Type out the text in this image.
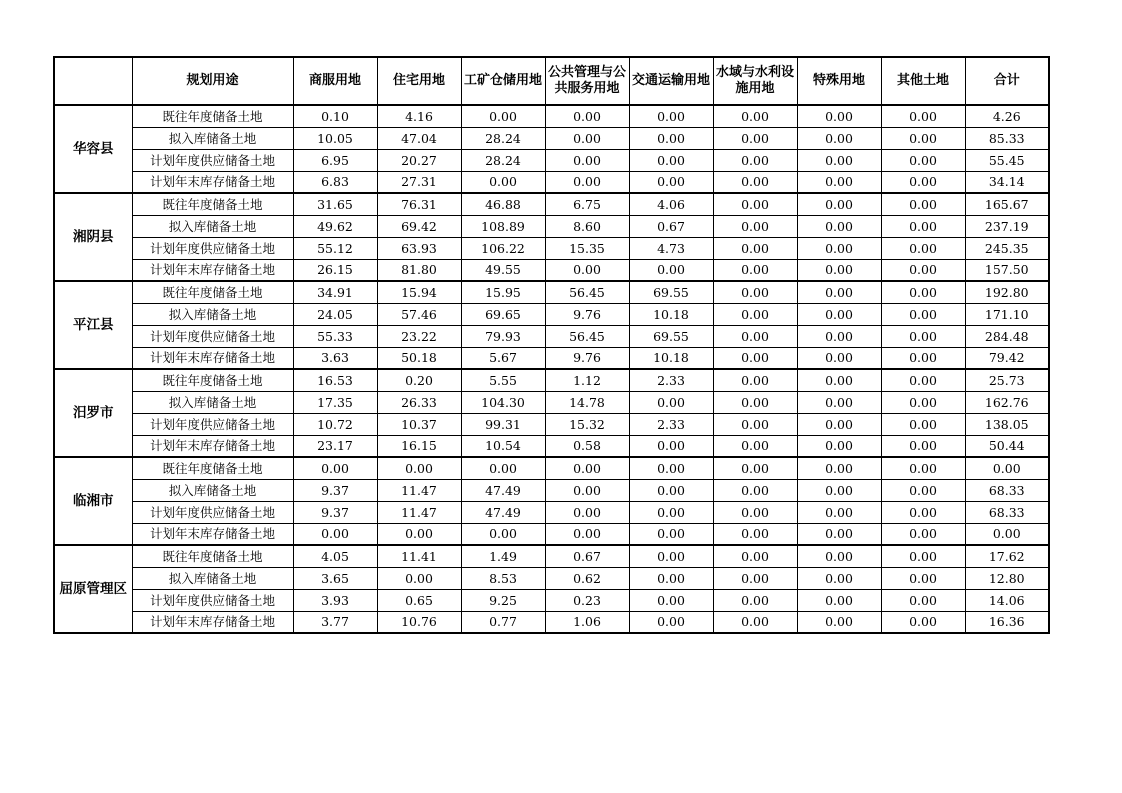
	规划用途	商服用地	住宅用地	工矿仓储用地	公共管理与公共服务用地	交通运输用地	水域与水利设施用地	特殊用地	其他土地	合计
华容县	既往年度储备土地	0.10	4.16	0.00	0.00	0.00	0.00	0.00	0.00	4.26
	拟入库储备土地	10.05	47.04	28.24	0.00	0.00	0.00	0.00	0.00	85.33
	计划年度供应储备土地	6.95	20.27	28.24	0.00	0.00	0.00	0.00	0.00	55.45
	计划年末库存储备土地	6.83	27.31	0.00	0.00	0.00	0.00	0.00	0.00	34.14
湘阴县	既往年度储备土地	31.65	76.31	46.88	6.75	4.06	0.00	0.00	0.00	165.67
	拟入库储备土地	49.62	69.42	108.89	8.60	0.67	0.00	0.00	0.00	237.19
	计划年度供应储备土地	55.12	63.93	106.22	15.35	4.73	0.00	0.00	0.00	245.35
	计划年末库存储备土地	26.15	81.80	49.55	0.00	0.00	0.00	0.00	0.00	157.50
平江县	既往年度储备土地	34.91	15.94	15.95	56.45	69.55	0.00	0.00	0.00	192.80
	拟入库储备土地	24.05	57.46	69.65	9.76	10.18	0.00	0.00	0.00	171.10
	计划年度供应储备土地	55.33	23.22	79.93	56.45	69.55	0.00	0.00	0.00	284.48
	计划年末库存储备土地	3.63	50.18	5.67	9.76	10.18	0.00	0.00	0.00	79.42
汨罗市	既往年度储备土地	16.53	0.20	5.55	1.12	2.33	0.00	0.00	0.00	25.73
	拟入库储备土地	17.35	26.33	104.30	14.78	0.00	0.00	0.00	0.00	162.76
	计划年度供应储备土地	10.72	10.37	99.31	15.32	2.33	0.00	0.00	0.00	138.05
	计划年末库存储备土地	23.17	16.15	10.54	0.58	0.00	0.00	0.00	0.00	50.44
临湘市	既往年度储备土地	0.00	0.00	0.00	0.00	0.00	0.00	0.00	0.00	0.00
	拟入库储备土地	9.37	11.47	47.49	0.00	0.00	0.00	0.00	0.00	68.33
	计划年度供应储备土地	9.37	11.47	47.49	0.00	0.00	0.00	0.00	0.00	68.33
	计划年末库存储备土地	0.00	0.00	0.00	0.00	0.00	0.00	0.00	0.00	0.00
屈原管理区	既往年度储备土地	4.05	11.41	1.49	0.67	0.00	0.00	0.00	0.00	17.62
	拟入库储备土地	3.65	0.00	8.53	0.62	0.00	0.00	0.00	0.00	12.80
	计划年度供应储备土地	3.93	0.65	9.25	0.23	0.00	0.00	0.00	0.00	14.06
	计划年末库存储备土地	3.77	10.76	0.77	1.06	0.00	0.00	0.00	0.00	16.36
